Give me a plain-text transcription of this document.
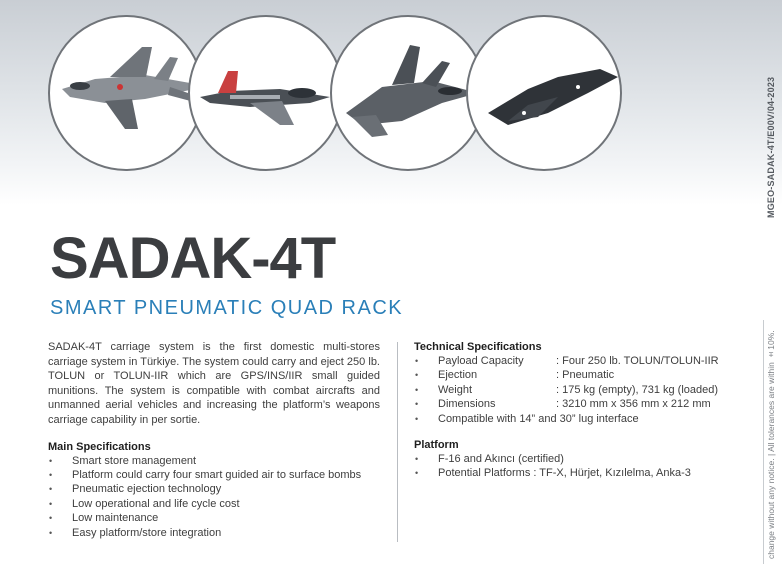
MGEO-SADAK-4T/E00V/04-2023
change without any notice. | All tolerances are within ±10%.
SADAK-4T
SMART PNEUMATIC QUAD RACK

SADAK-4T carriage system is the first domestic multi-stores carriage system in Türkiye. The system could carry and eject 250 lb. TOLUN or TOLUN-IIR which are GPS/INS/IIR small guided munitions. The system is compatible with combat aircrafts and unmanned aerial vehicles and increasing the platform’s weapons carriage capability in per sortie.

Main Specifications
• Smart store management
• Platform could carry four smart guided air to surface bombs
• Pneumatic ejection technology
• Low operational and life cycle cost
• Low maintenance
• Easy platform/store integration
Technical Specifications
• Payload Capacity	: Four 250 lb. TOLUN/TOLUN-IIR
• Ejection	: Pneumatic
• Weight	: 175 kg (empty), 731 kg (loaded)
• Dimensions	: 3210 mm x 356 mm x 212 mm
• Compatible with 14” and 30” lug interface
Platform
• F-16 and Akıncı (certified)
• Potential Platforms : TF-X, Hürjet, Kızılelma, Anka-3
